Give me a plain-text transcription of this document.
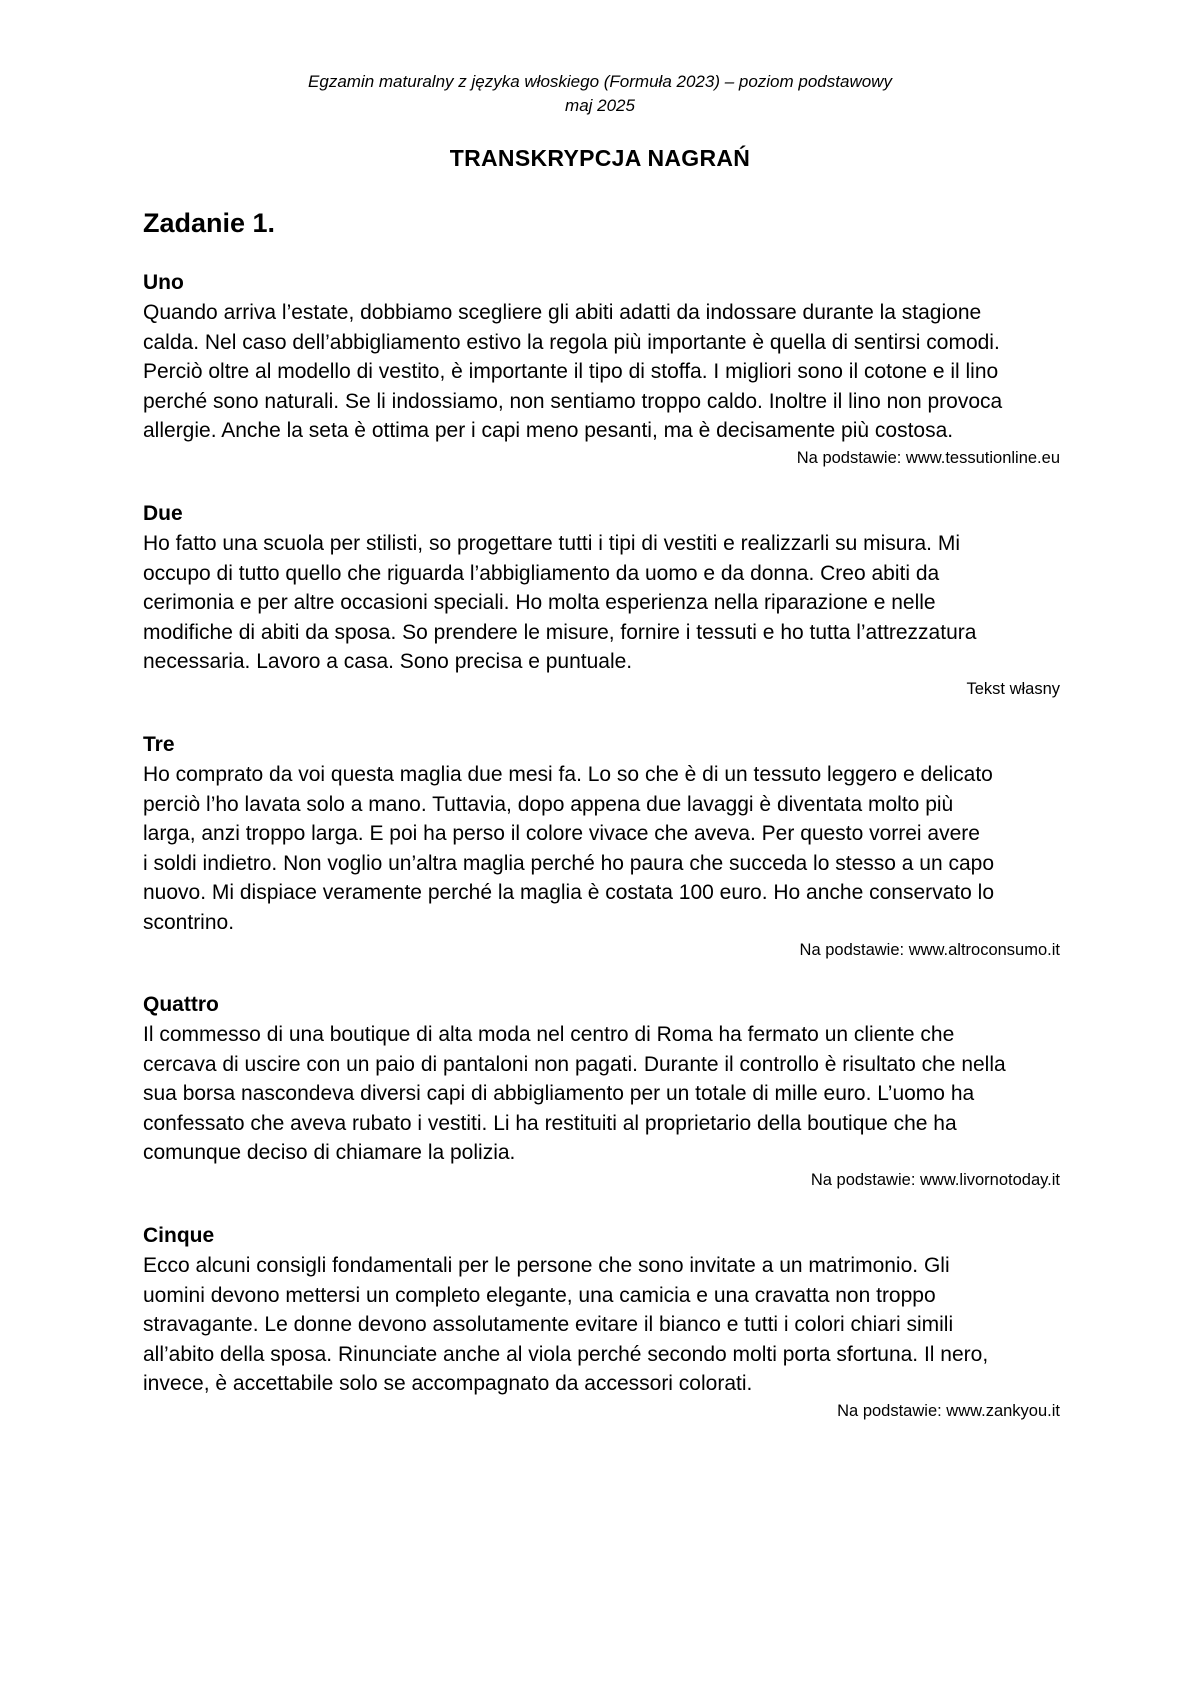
Egzamin maturalny z języka włoskiego (Formuła 2023) – poziom podstawowy
maj 2025
TRANSKRYPCJA NAGRAŃ
Zadanie 1.
Uno
Quando arriva l’estate, dobbiamo scegliere gli abiti adatti da indossare durante la stagione
calda. Nel caso dell’abbigliamento estivo la regola più importante è quella di sentirsi comodi.
Perciò oltre al modello di vestito, è importante il tipo di stoffa. I migliori sono il cotone e il lino
perché sono naturali. Se li indossiamo, non sentiamo troppo caldo. Inoltre il lino non provoca
allergie. Anche la seta è ottima per i capi meno pesanti, ma è decisamente più costosa.
Na podstawie: www.tessutionline.eu
Due
Ho fatto una scuola per stilisti, so progettare tutti i tipi di vestiti e realizzarli su misura. Mi
occupo di tutto quello che riguarda l’abbigliamento da uomo e da donna. Creo abiti da
cerimonia e per altre occasioni speciali. Ho molta esperienza nella riparazione e nelle
modifiche di abiti da sposa. So prendere le misure, fornire i tessuti e ho tutta l’attrezzatura
necessaria. Lavoro a casa. Sono precisa e puntuale.
Tekst własny
Tre
Ho comprato da voi questa maglia due mesi fa. Lo so che è di un tessuto leggero e delicato
perciò l’ho lavata solo a mano. Tuttavia, dopo appena due lavaggi è diventata molto più
larga, anzi troppo larga. E poi ha perso il colore vivace che aveva. Per questo vorrei avere
i soldi indietro. Non voglio un’altra maglia perché ho paura che succeda lo stesso a un capo
nuovo. Mi dispiace veramente perché la maglia è costata 100 euro. Ho anche conservato lo
scontrino.
Na podstawie: www.altroconsumo.it
Quattro
Il commesso di una boutique di alta moda nel centro di Roma ha fermato un cliente che
cercava di uscire con un paio di pantaloni non pagati. Durante il controllo è risultato che nella
sua borsa nascondeva diversi capi di abbigliamento per un totale di mille euro. L’uomo ha
confessato che aveva rubato i vestiti. Li ha restituiti al proprietario della boutique che ha
comunque deciso di chiamare la polizia.
Na podstawie: www.livornotoday.it
Cinque
Ecco alcuni consigli fondamentali per le persone che sono invitate a un matrimonio. Gli
uomini devono mettersi un completo elegante, una camicia e una cravatta non troppo
stravagante. Le donne devono assolutamente evitare il bianco e tutti i colori chiari simili
all’abito della sposa. Rinunciate anche al viola perché secondo molti porta sfortuna. Il nero,
invece, è accettabile solo se accompagnato da accessori colorati.
Na podstawie: www.zankyou.it
